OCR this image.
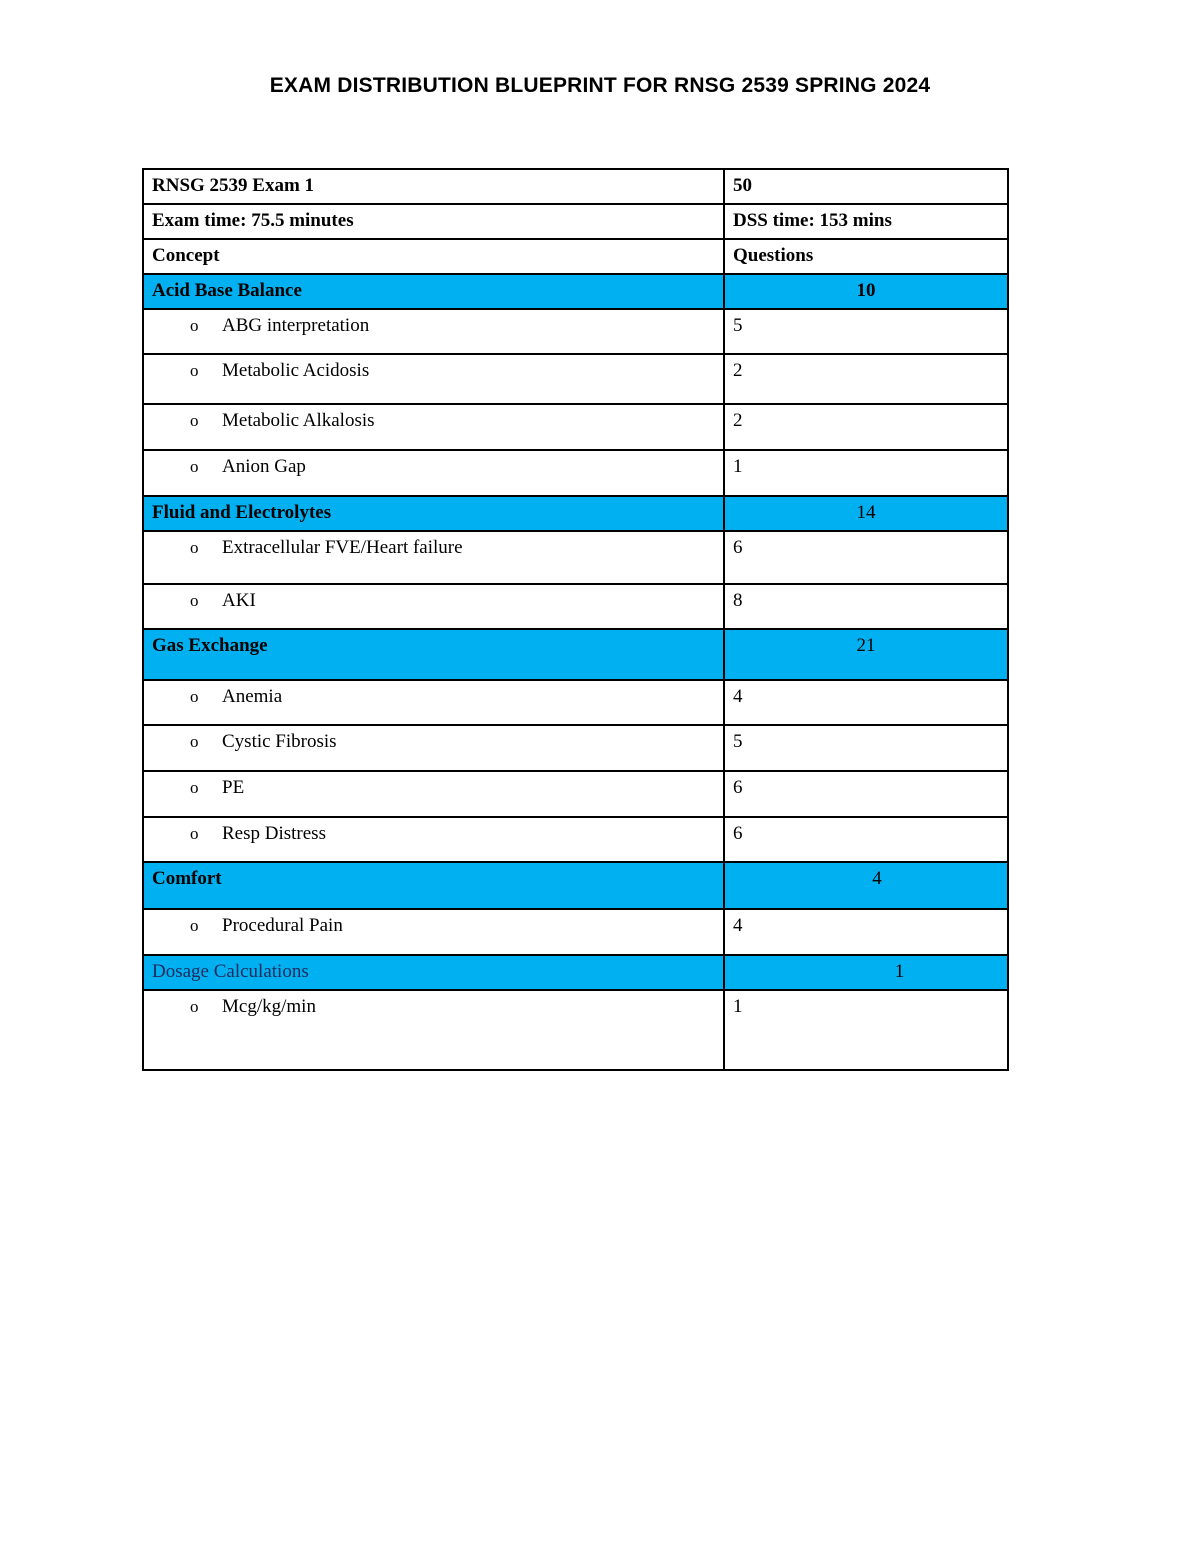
EXAM DISTRIBUTION BLUEPRINT FOR RNSG 2539 SPRING 2024
RNSG 2539 Exam 1	50
Exam time: 75.5 minutes	DSS time: 153 mins
Concept	Questions
Acid Base Balance	10
o ABG interpretation	5
o Metabolic Acidosis	2
o Metabolic Alkalosis	2
o Anion Gap	1
Fluid and Electrolytes	14
o Extracellular FVE/Heart failure	6
o AKI	8
Gas Exchange	21
o Anemia	4
o Cystic Fibrosis	5
o PE	6
o Resp Distress	6
Comfort	4
o Procedural Pain	4
Dosage Calculations	1
o Mcg/kg/min	1
